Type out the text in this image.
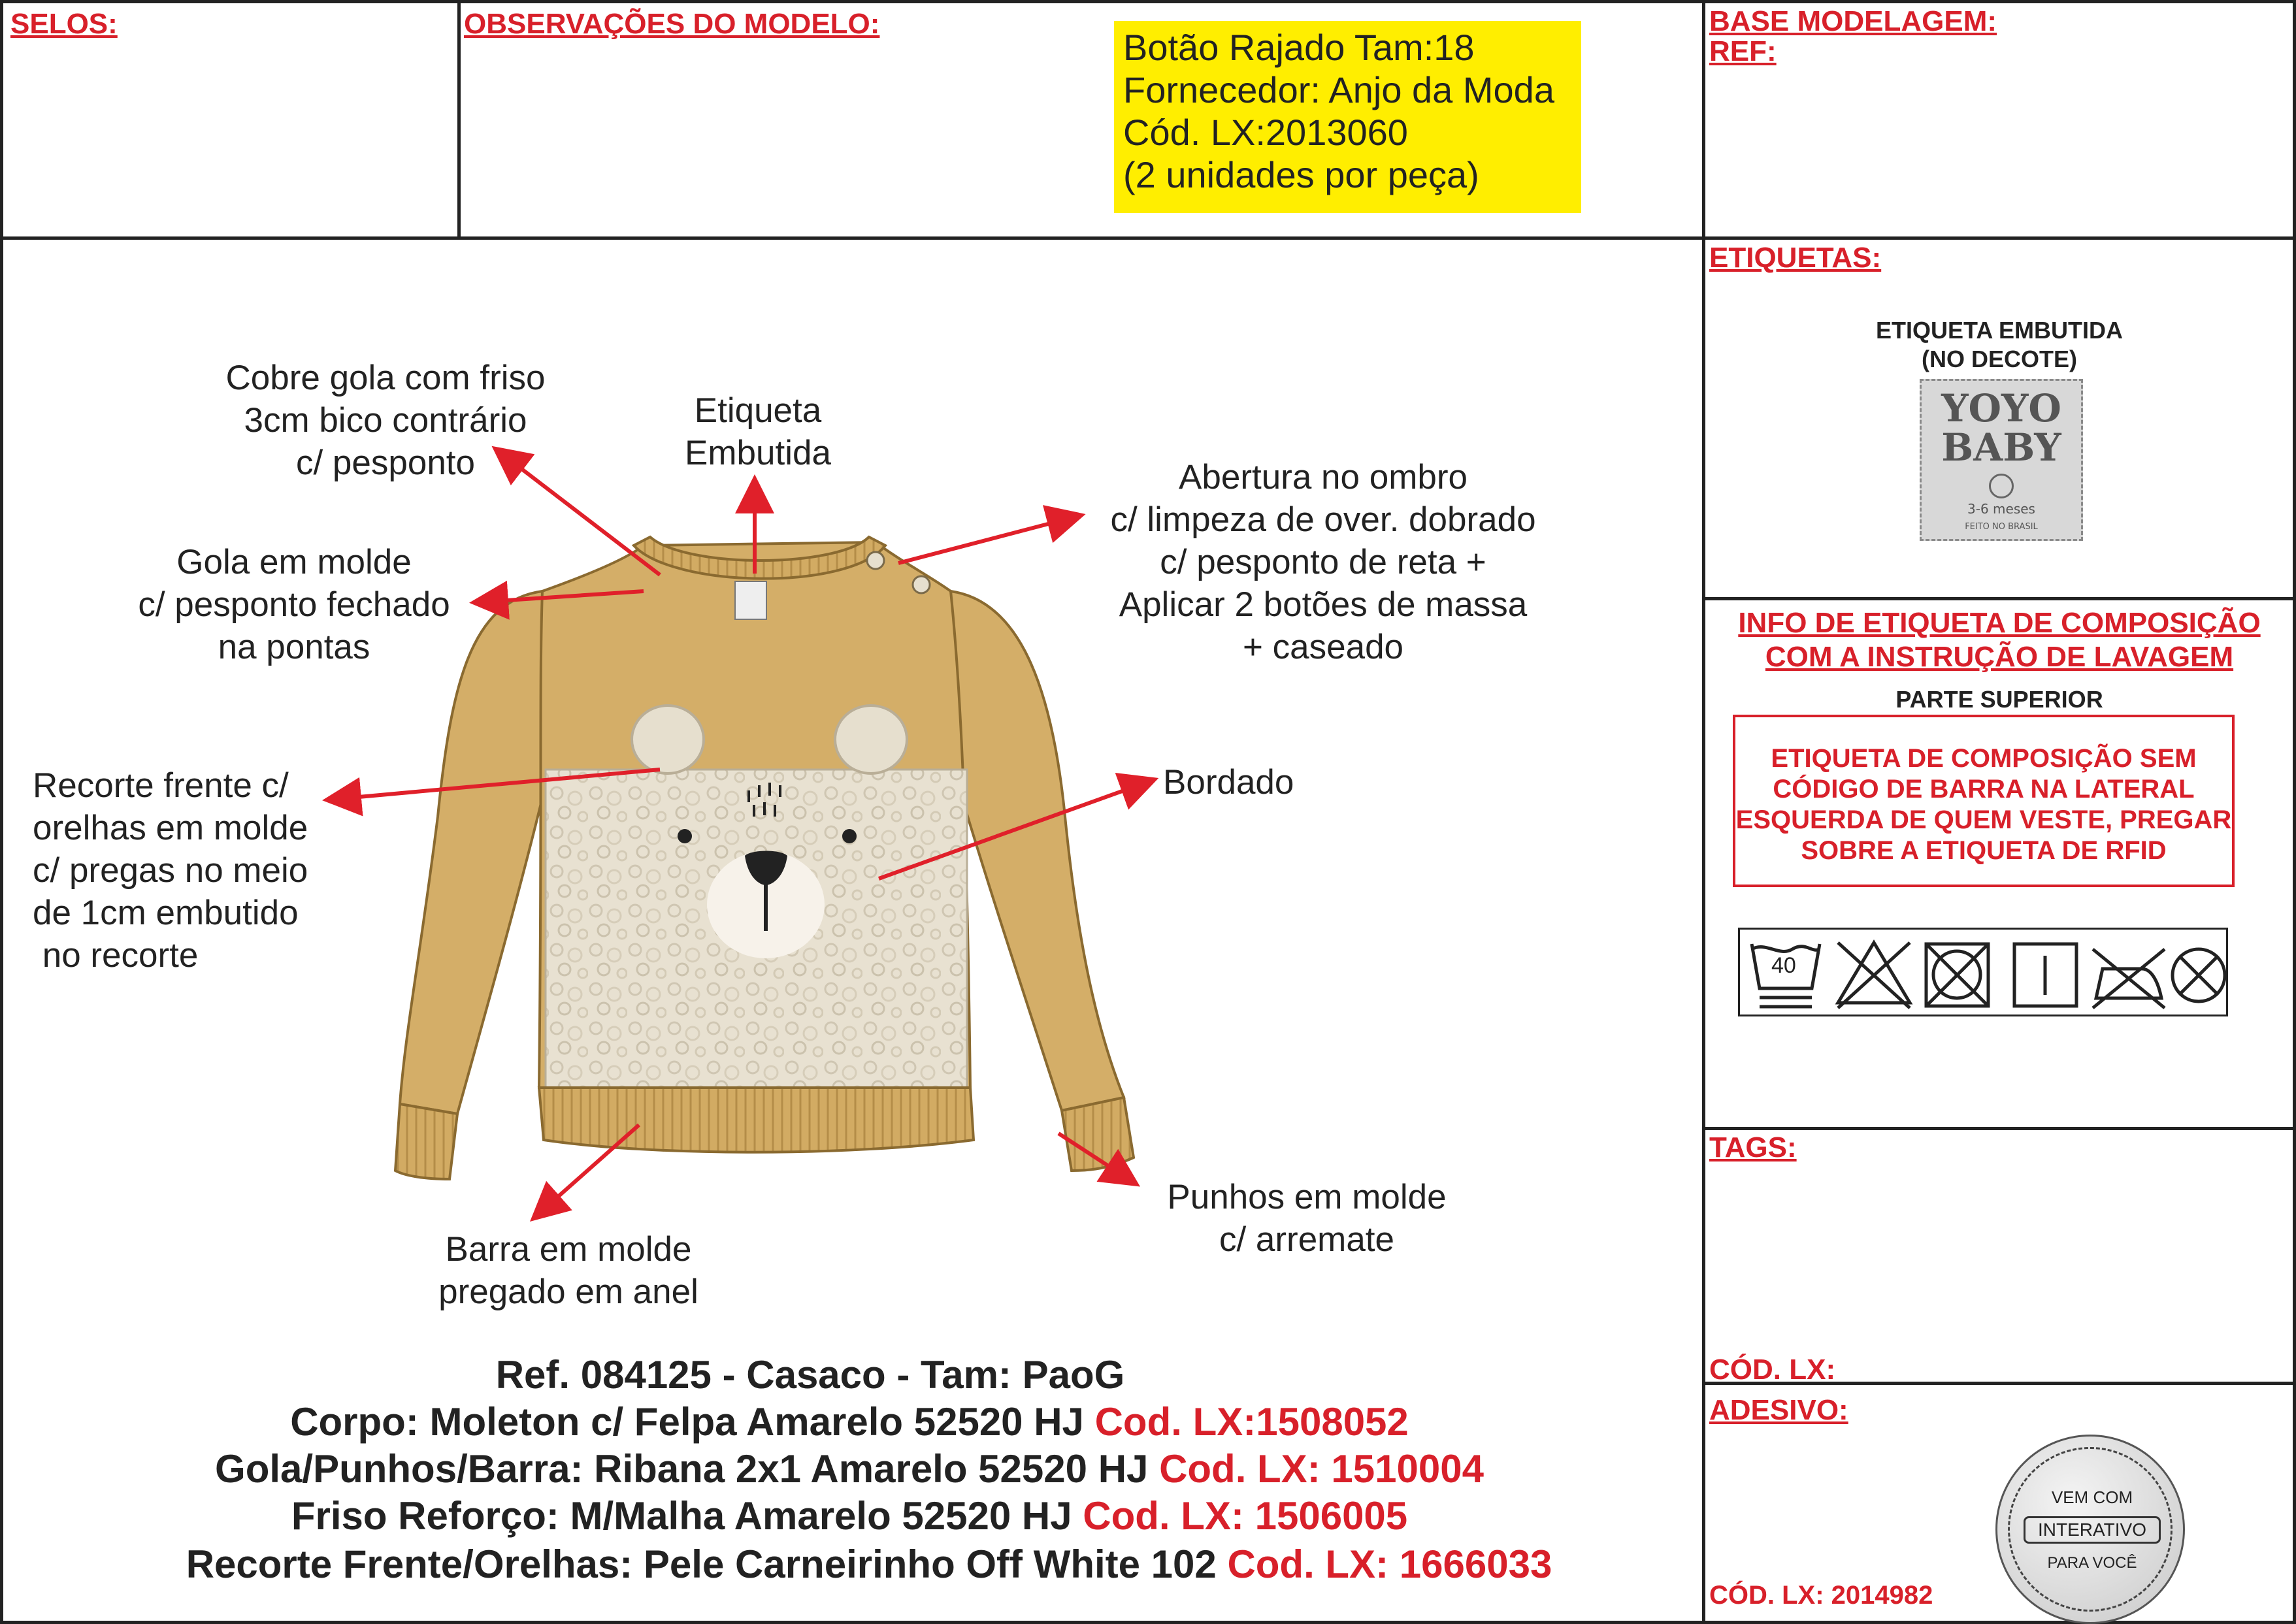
SELOS:	OBSERVAÇÕES DO MODELO:
Botão Rajado Tam:18
Fornecedor: Anjo da Moda
Cód. LX:2013060
(2 unidades por peça)
BASE MODELAGEM:
REF:
Cobre gola com friso
3cm bico contrário
c/ pesponto
Etiqueta
Embutida
Abertura no ombro
c/ limpeza de over. dobrado
c/ pesponto de reta +
Aplicar 2 botões de massa
+ caseado
Gola em molde
c/ pesponto fechado
na pontas
Recorte frente c/
orelhas em molde
c/ pregas no meio
de 1cm embutido
no recorte
Bordado
Barra em molde
pregado em anel
Punhos em molde
c/ arremate
Ref. 084125 - Casaco - Tam: PaoG
Corpo: Moleton c/ Felpa Amarelo 52520 HJ Cod. LX:1508052
Gola/Punhos/Barra: Ribana 2x1 Amarelo 52520 HJ Cod. LX: 1510004
Friso Reforço: M/Malha Amarelo 52520 HJ Cod. LX: 1506005
Recorte Frente/Orelhas: Pele Carneirinho Off White 102 Cod. LX: 1666033
ETIQUETAS:
ETIQUETA EMBUTIDA
(NO DECOTE)
YOYO
BABY
3-6 meses
FEITO NO BRASIL
INFO DE ETIQUETA DE COMPOSIÇÃO
COM A INSTRUÇÃO DE LAVAGEM
PARTE SUPERIOR
ETIQUETA DE COMPOSIÇÃO SEM
CÓDIGO DE BARRA NA LATERAL
ESQUERDA DE QUEM VESTE, PREGAR
SOBRE A ETIQUETA DE RFID
40
TAGS:
CÓD. LX:
ADESIVO:
CÓD. LX: 2014982
VEM COM
INTERATIVO
PARA VOCÊ
